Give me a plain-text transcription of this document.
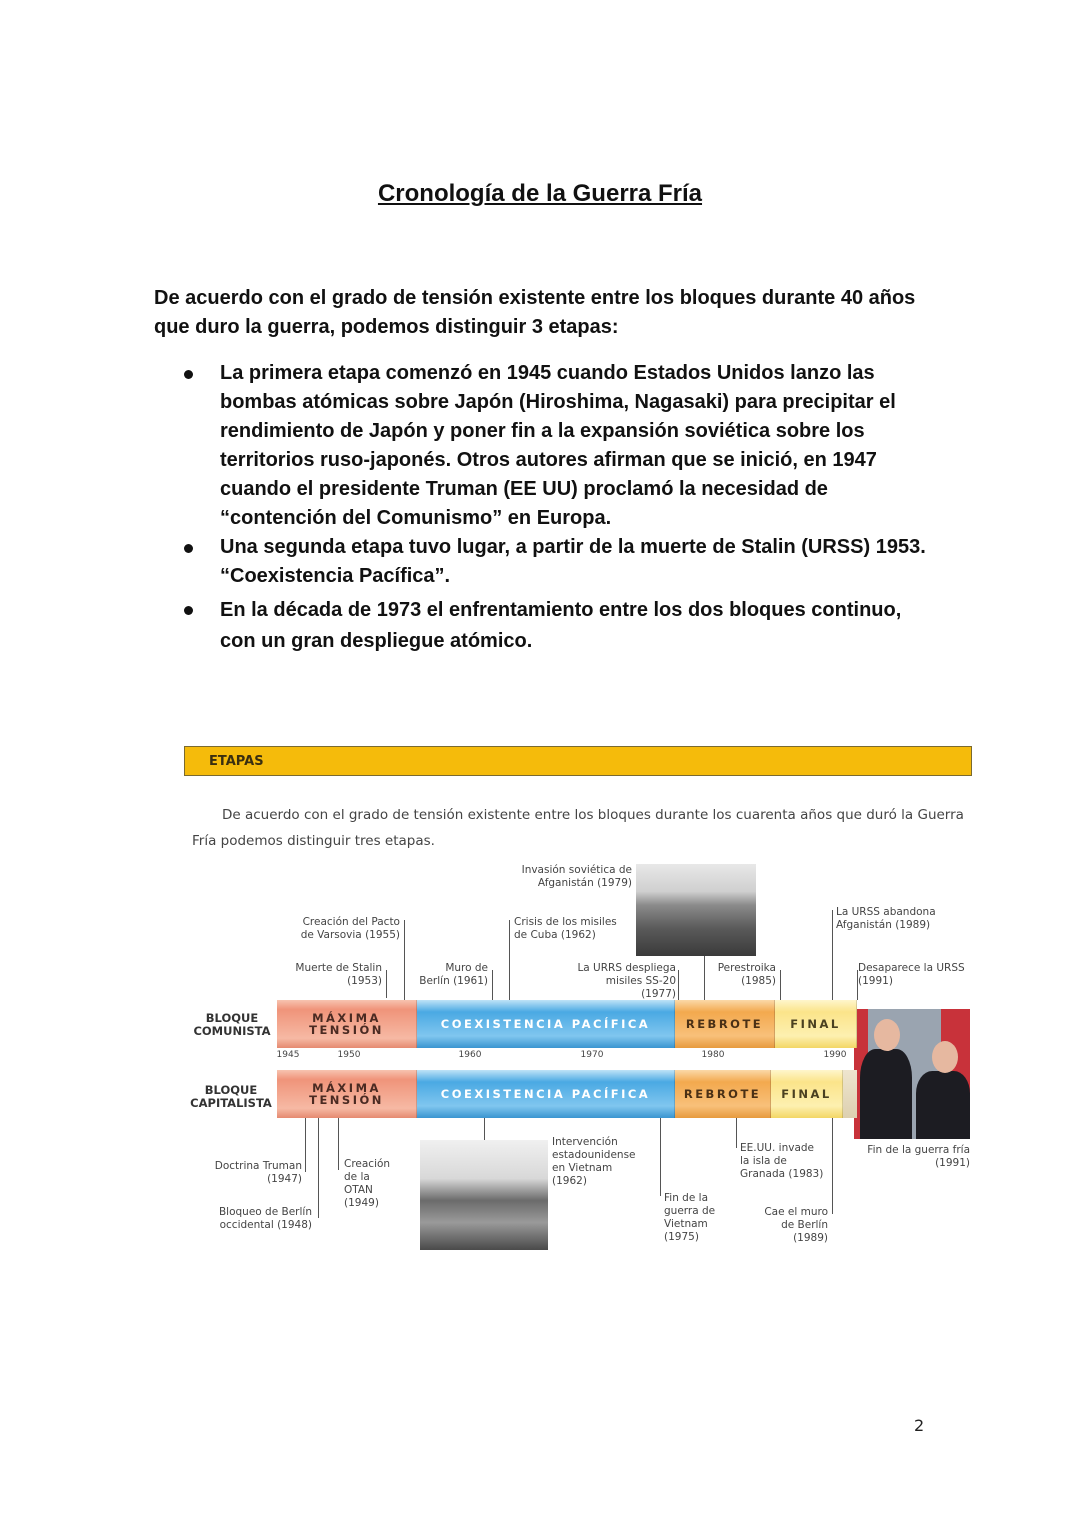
Cronología de la Guerra Fría
De acuerdo con el grado de tensión existente entre los bloques durante 40 años que duro la guerra, podemos distinguir 3 etapas:
La primera etapa comenzó en 1945 cuando Estados Unidos lanzo las bombas atómicas sobre Japón (Hiroshima, Nagasaki) para precipitar el rendimiento de Japón y poner fin a la expansión soviética sobre los territorios ruso-japonés. Otros autores afirman que se inició, en 1947 cuando el presidente Truman (EE UU) proclamó la necesidad de “contención del Comunismo” en Europa.
Una segunda etapa tuvo lugar, a partir de la muerte de Stalin (URSS) 1953. “Coexistencia Pacífica”.
En la década de 1973 el enfrentamiento entre los dos bloques continuo, con un gran despliegue atómico.
ETAPAS
De acuerdo con el grado de tensión existente entre los bloques durante los cuarenta años que duró la Guerra Fría podemos distinguir tres etapas.
Invasión soviética de Afganistán (1979)
Creación del Pacto de Varsovia (1955)
Crisis de los misiles de Cuba (1962)
La URSS abandona Afganistán (1989)
Muerte de Stalin (1953)
Muro de Berlín (1961)
La URRS despliega misiles SS-20 (1977)
Perestroika (1985)
Desaparece la URSS (1991)
BLOQUE COMUNISTA
MÁXIMA
TENSIÓN	COEXISTENCIA PACÍFICA	REBROTE	FINAL
1945	1950	1960	1970	1980	1990
BLOQUE CAPITALISTA
MÁXIMA
TENSIÓN	COEXISTENCIA PACÍFICA	REBROTE	FINAL
Doctrina Truman (1947)
Creación de la OTAN (1949)
Bloqueo de Berlín occidental (1948)
Intervención estadounidense en Vietnam (1962)
Fin de la guerra de Vietnam (1975)
EE.UU. invade la isla de Granada (1983)
Cae el muro de Berlín (1989)
Fin de la guerra fría (1991)
2
